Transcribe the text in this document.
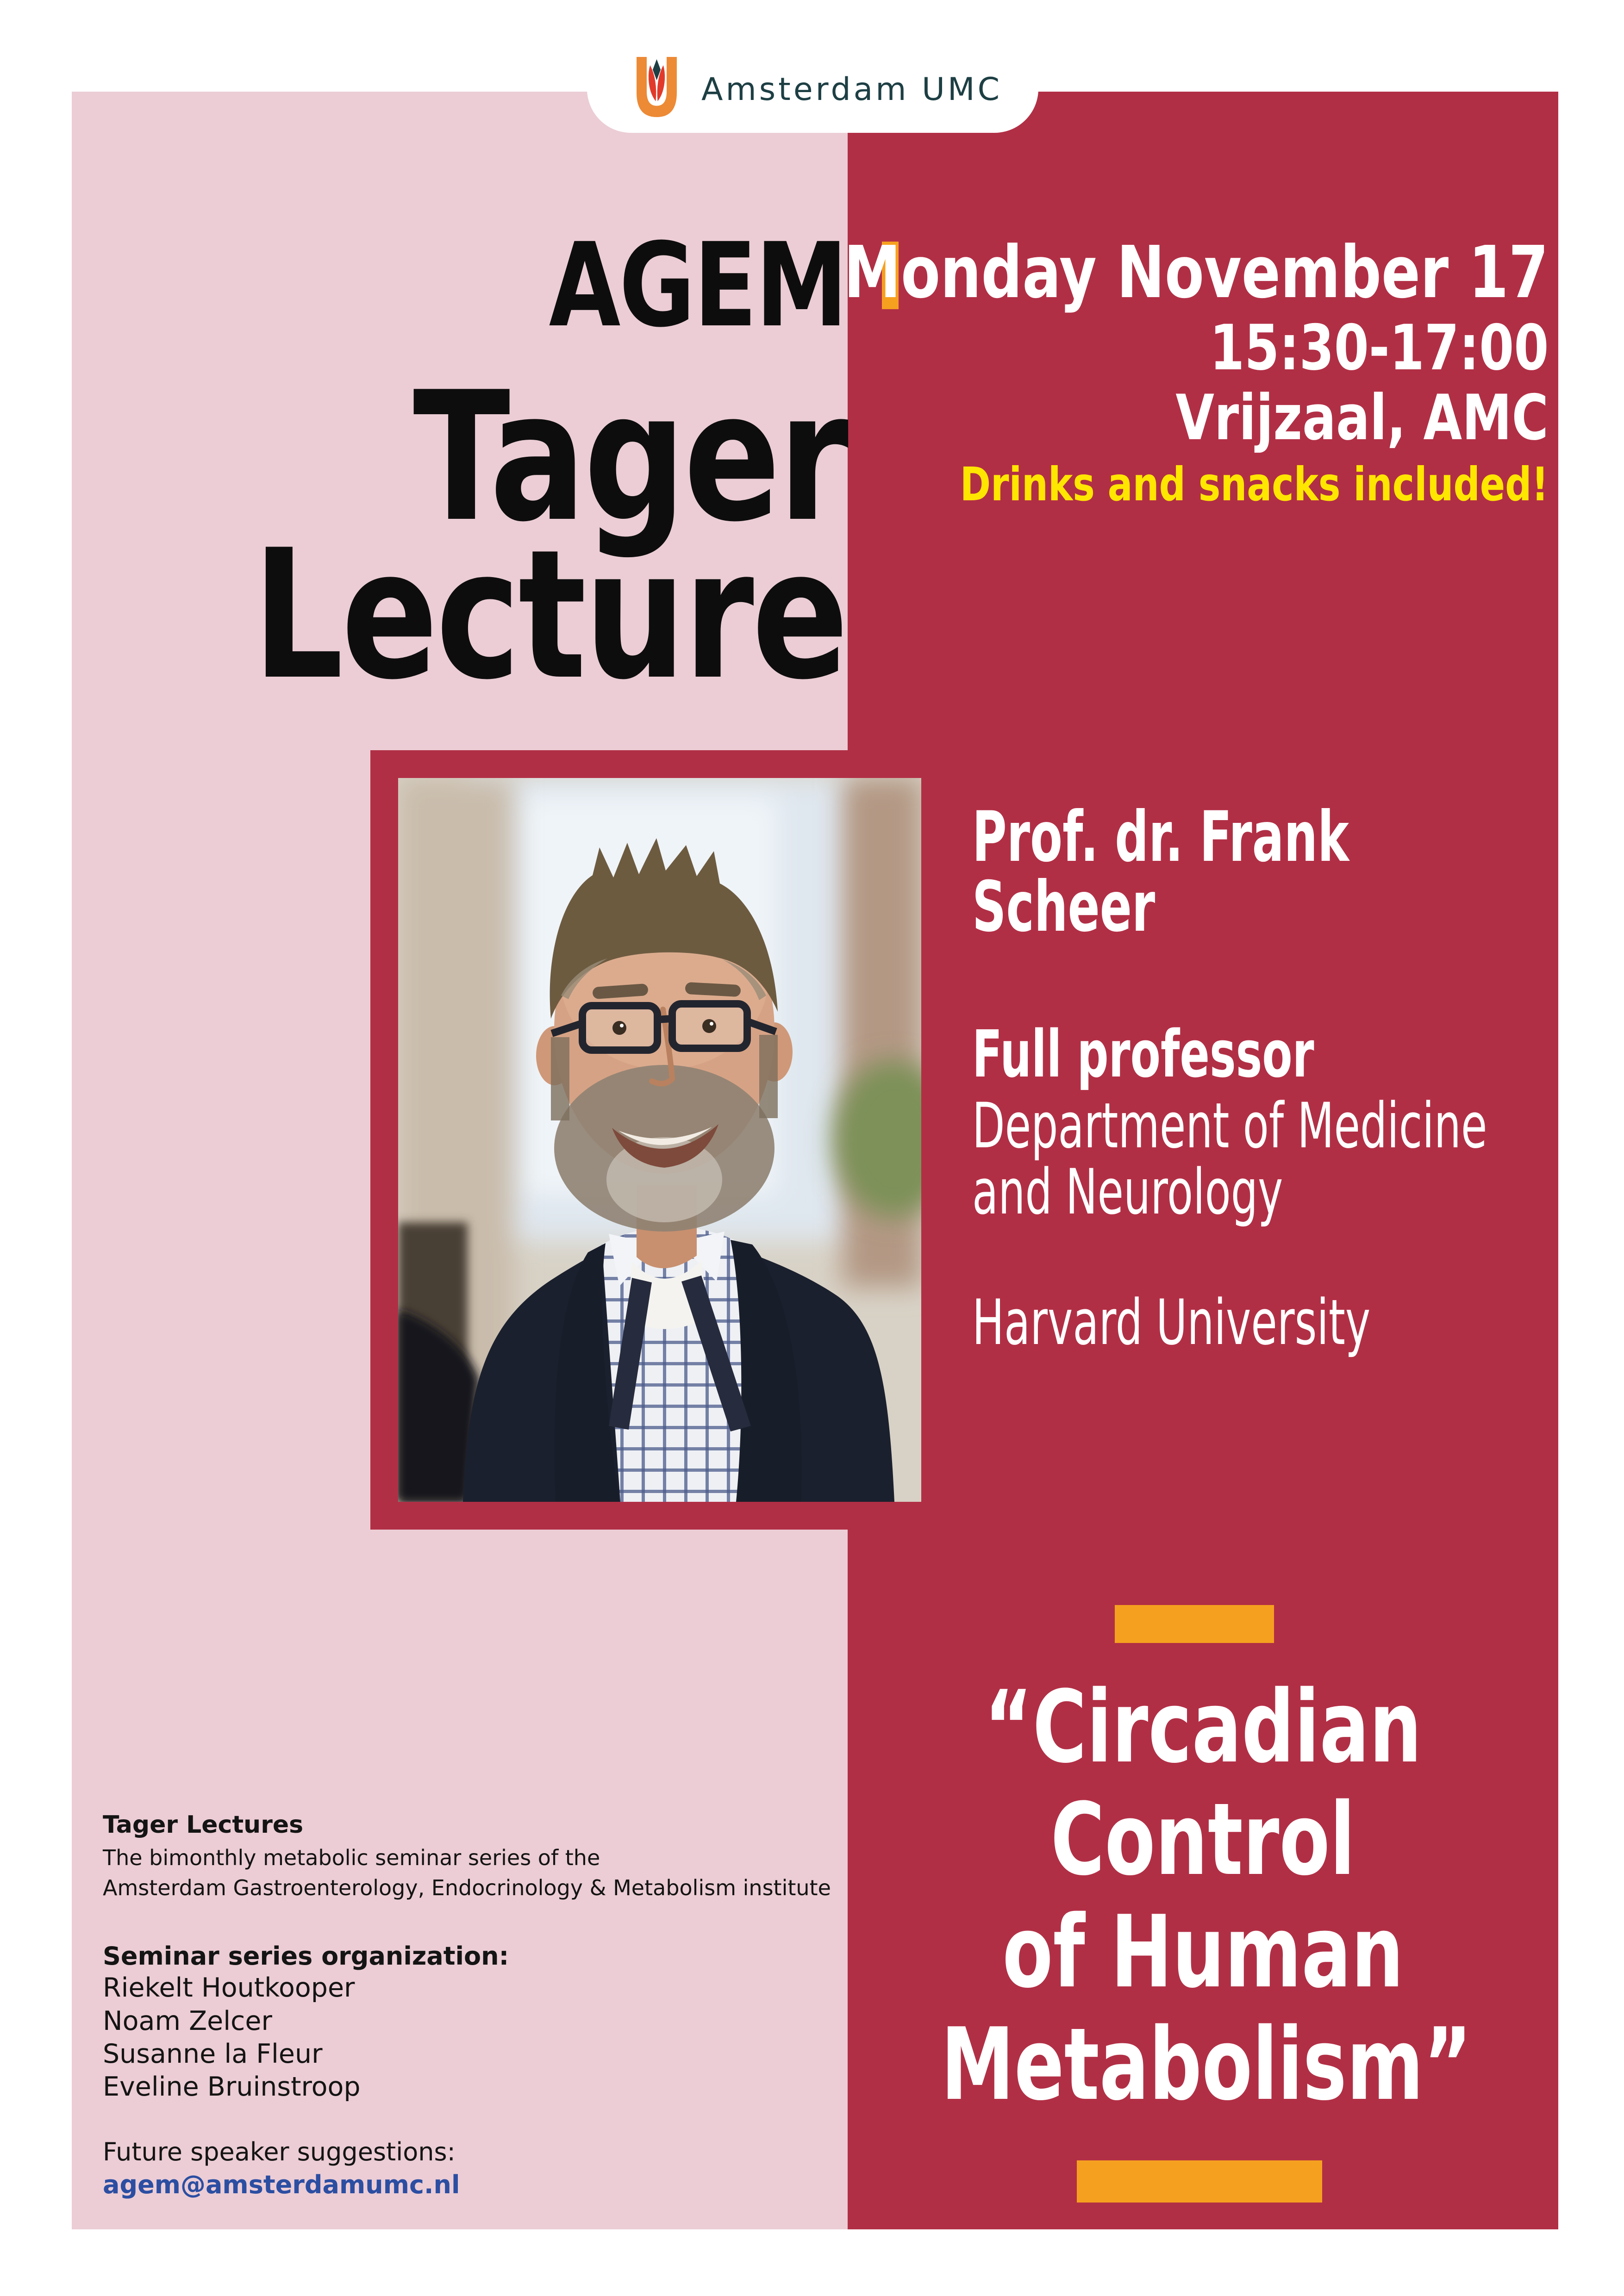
Amsterdam UMC
AGEM
Tager
Lecture
Monday November 17
15:30-17:00
Vrijzaal, AMC
Drinks and snacks included!
Prof. dr. Frank
Scheer
Full professor
Department of Medicine
and Neurology
Harvard University
“Circadian
Control
of Human
Metabolism”
Tager Lectures
The bimonthly metabolic seminar series of the
Amsterdam Gastroenterology, Endocrinology & Metabolism institute
Seminar series organization:
Riekelt Houtkooper
Noam Zelcer
Susanne la Fleur
Eveline Bruinstroop
Future speaker suggestions:
agem@amsterdamumc.nl
